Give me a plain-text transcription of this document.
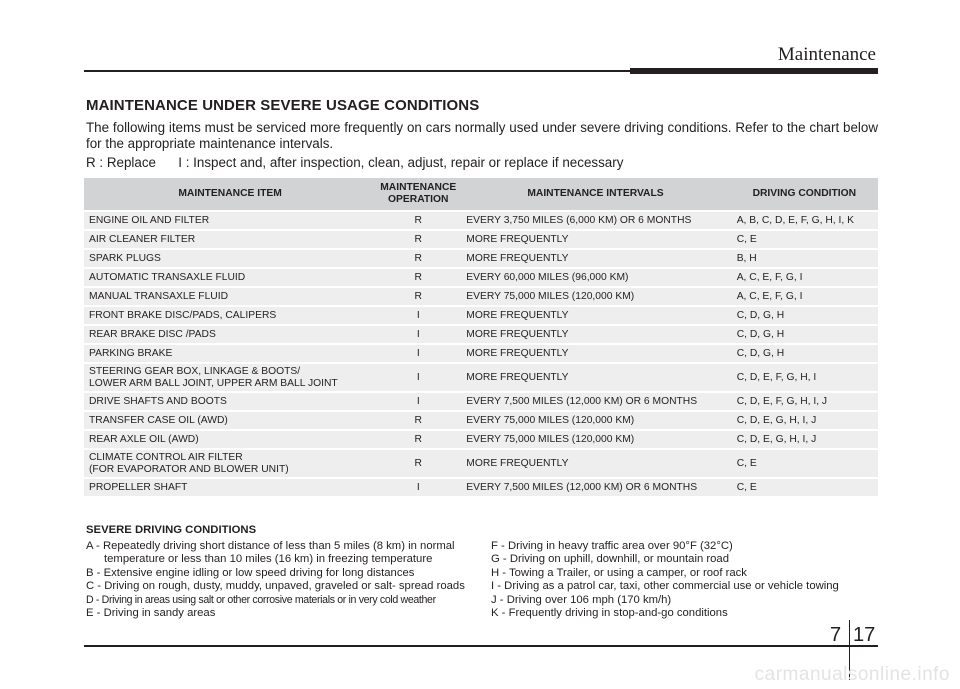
Maintenance
MAINTENANCE UNDER SEVERE USAGE CONDITIONS
The following items must be serviced more frequently on cars normally used under severe driving conditions. Refer to the chart below for the appropriate maintenance intervals.
R : Replace      I : Inspect and, after inspection, clean, adjust, repair or replace if necessary
MAINTENANCE ITEM	MAINTENANCE OPERATION	MAINTENANCE INTERVALS	DRIVING CONDITION
ENGINE OIL AND FILTER	R	EVERY 3,750 MILES (6,000 KM) OR 6 MONTHS	A, B, C, D, E, F, G, H, I, K
AIR CLEANER FILTER	R	MORE FREQUENTLY	C, E
SPARK PLUGS	R	MORE FREQUENTLY	B, H
AUTOMATIC TRANSAXLE FLUID	R	EVERY 60,000 MILES (96,000 KM)	A, C, E, F, G, I
MANUAL TRANSAXLE FLUID	R	EVERY 75,000 MILES (120,000 KM)	A, C, E, F, G, I
FRONT BRAKE DISC/PADS, CALIPERS	I	MORE FREQUENTLY	C, D, G, H
REAR BRAKE DISC /PADS	I	MORE FREQUENTLY	C, D, G, H
PARKING BRAKE	I	MORE FREQUENTLY	C, D, G, H
STEERING GEAR BOX, LINKAGE & BOOTS/
LOWER ARM BALL JOINT, UPPER ARM BALL JOINT	I	MORE FREQUENTLY	C, D, E, F, G, H, I
DRIVE SHAFTS AND BOOTS	I	EVERY 7,500 MILES (12,000 KM) OR 6 MONTHS	C, D, E, F, G, H, I, J
TRANSFER CASE OIL (AWD)	R	EVERY 75,000 MILES (120,000 KM)	C, D, E, G, H, I, J
REAR AXLE OIL (AWD)	R	EVERY 75,000 MILES (120,000 KM)	C, D, E, G, H, I, J
CLIMATE CONTROL AIR FILTER
(FOR EVAPORATOR AND BLOWER UNIT)	R	MORE FREQUENTLY	C, E
PROPELLER SHAFT	I	EVERY 7,500 MILES (12,000 KM) OR 6 MONTHS	C, E
SEVERE DRIVING CONDITIONS

A - Repeatedly driving short distance of less than 5 miles (8 km) in normal temperature or less than 10 miles (16 km) in freezing temperature

B - Extensive engine idling or low speed driving for long distances

C - Driving on rough, dusty, muddy, unpaved, graveled or salt- spread roads

D - Driving in areas using salt or other corrosive materials or in very cold weather

E - Driving in sandy areas

F - Driving in heavy traffic area over 90°F (32°C)

G - Driving on uphill, downhill, or mountain road

H - Towing a Trailer, or using a camper, or roof rack

I - Driving as a patrol car, taxi, other commercial use or vehicle towing

J - Driving over 106 mph (170 km/h)

K - Frequently driving in stop-and-go conditions

7 17
carmanualsonline.info
